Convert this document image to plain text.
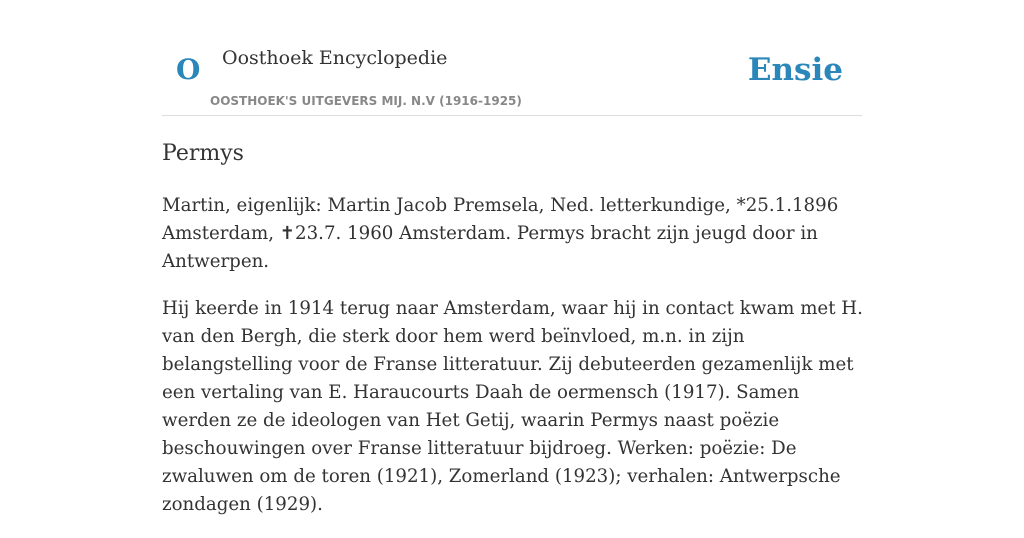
O Oosthoek Encyclopedie
OOSTHOEK'S UITGEVERS MIJ. N.V (1916-1925)
Ensie
Permys

Martin, eigenlijk: Martin Jacob Premsela, Ned. letterkundige, *25.1.1896 Amsterdam, ✝23.7. 1960 Amsterdam. Permys bracht zijn jeugd door in Antwerpen.

Hij keerde in 1914 terug naar Amsterdam, waar hij in contact kwam met H. van den Bergh, die sterk door hem werd beïnvloed, m.n. in zijn belangstelling voor de Franse litteratuur. Zij debuteerden gezamenlijk met een vertaling van E. Haraucourts Daah de oermensch (1917). Samen werden ze de ideologen van Het Getij, waarin Permys naast poëzie beschouwingen over Franse litteratuur bijdroeg. Werken: poëzie: De zwaluwen om de toren (1921), Zomerland (1923); verhalen: Antwerpsche zondagen (1929).
